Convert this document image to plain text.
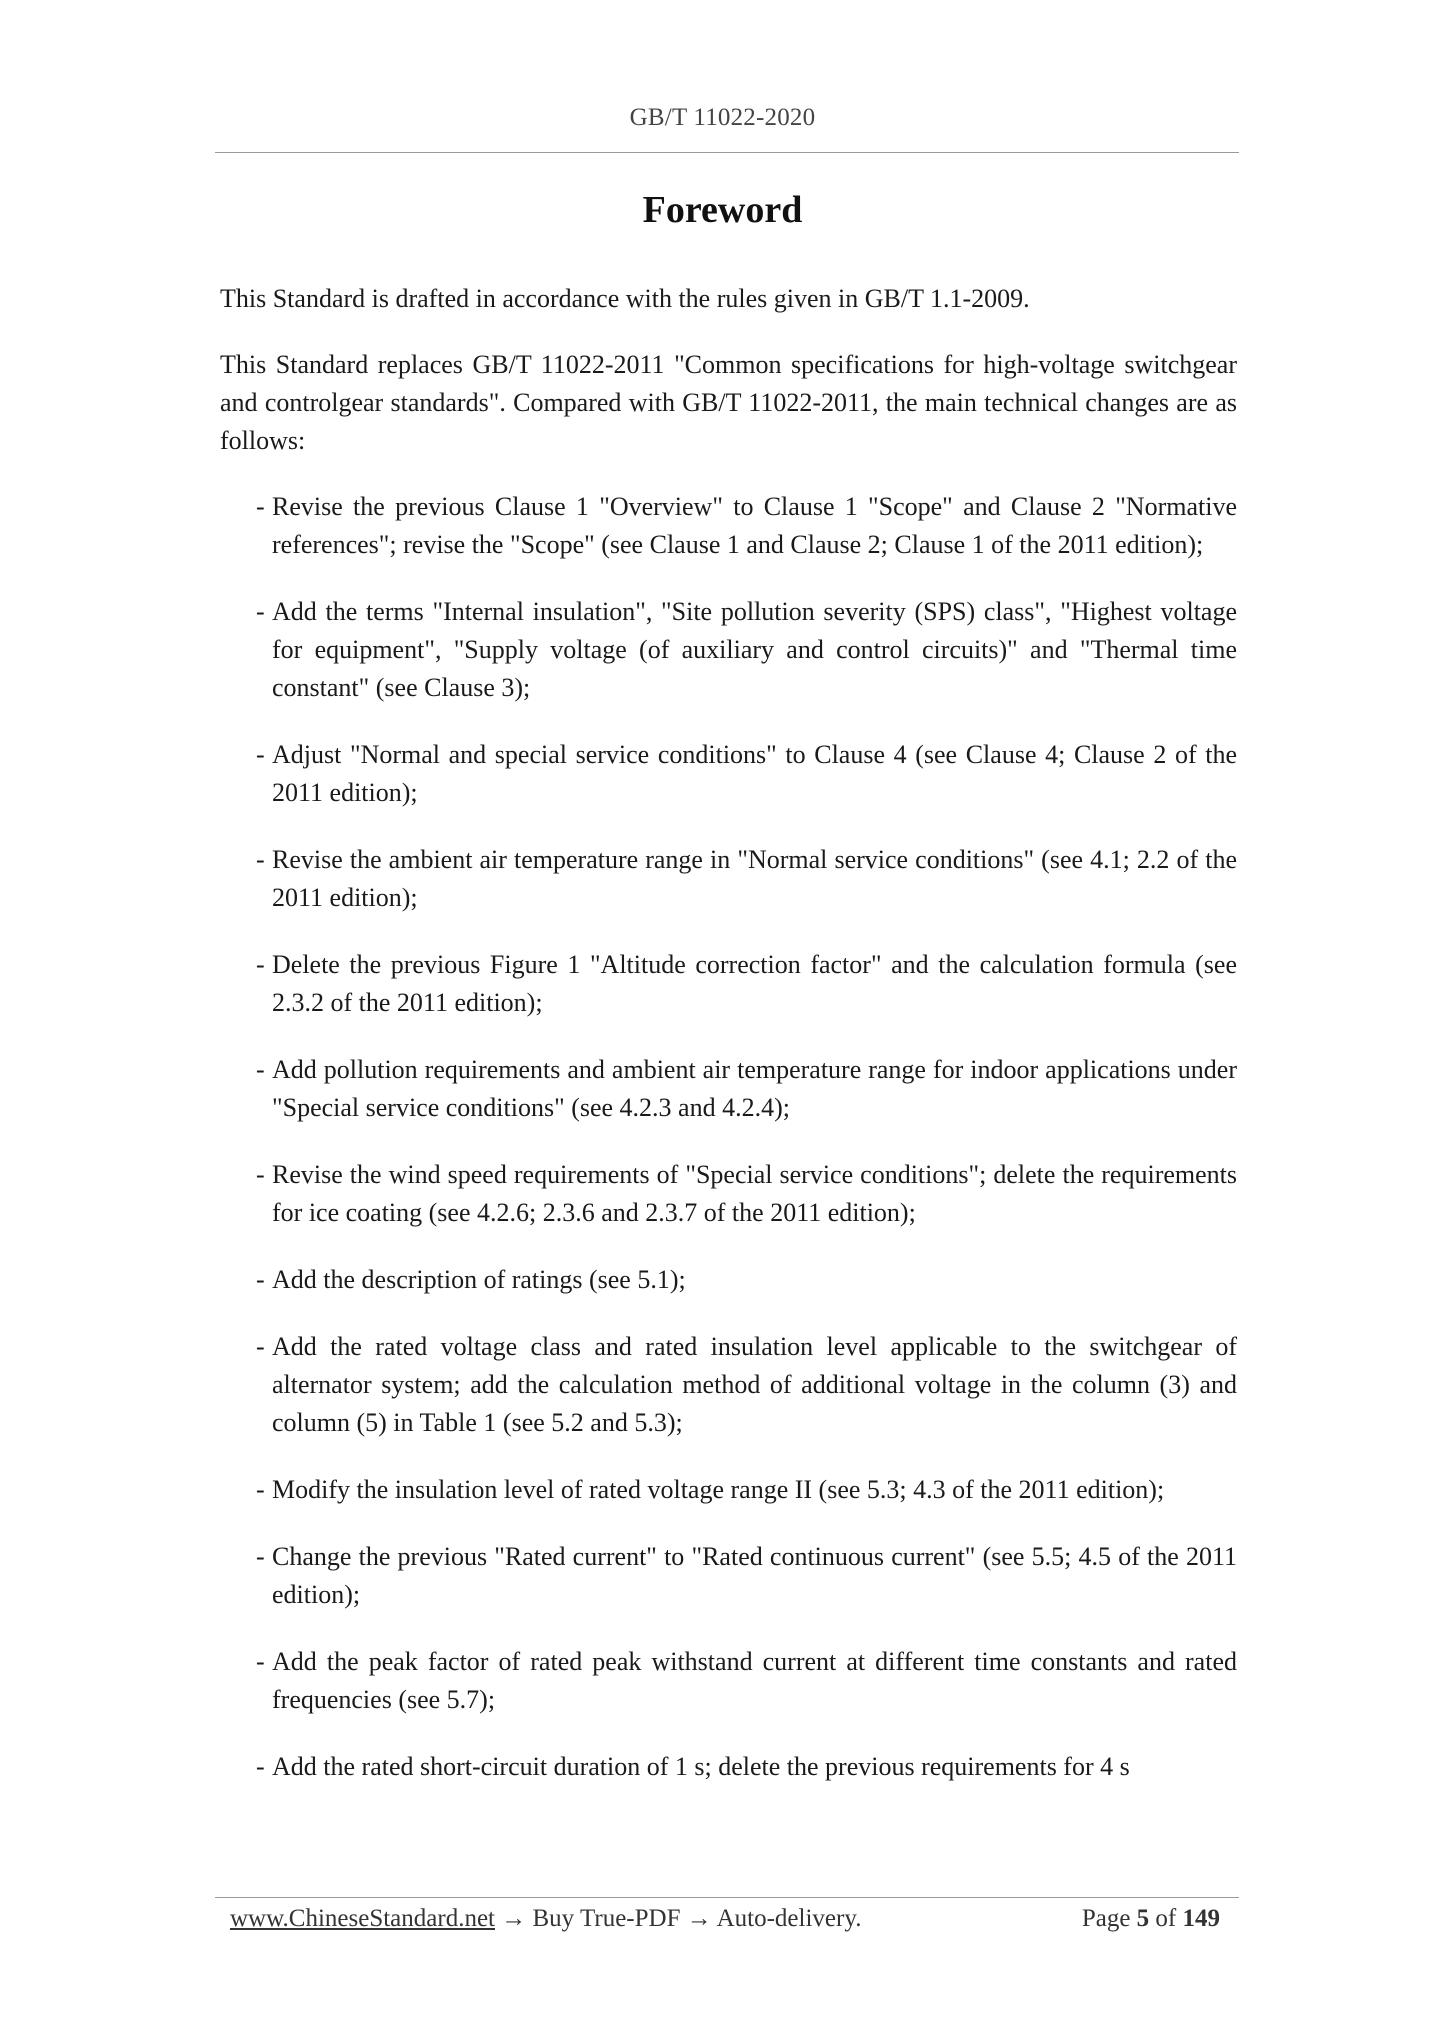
GB/T 11022-2020
Foreword

This Standard is drafted in accordance with the rules given in GB/T 1.1-2009.

This Standard replaces GB/T 11022-2011 "Common specifications for high-voltage switchgear and controlgear standards". Compared with GB/T 11022-2011, the main technical changes are as follows:

- Revise the previous Clause 1 "Overview" to Clause 1 "Scope" and Clause 2 "Normative references"; revise the "Scope" (see Clause 1 and Clause 2; Clause 1 of the 2011 edition);
- Add the terms "Internal insulation", "Site pollution severity (SPS) class", "Highest voltage for equipment", "Supply voltage (of auxiliary and control circuits)" and "Thermal time constant" (see Clause 3);
- Adjust "Normal and special service conditions" to Clause 4 (see Clause 4; Clause 2 of the 2011 edition);
- Revise the ambient air temperature range in "Normal service conditions" (see 4.1; 2.2 of the 2011 edition);
- Delete the previous Figure 1 "Altitude correction factor" and the calculation formula (see 2.3.2 of the 2011 edition);
- Add pollution requirements and ambient air temperature range for indoor applications under "Special service conditions" (see 4.2.3 and 4.2.4);
- Revise the wind speed requirements of "Special service conditions"; delete the requirements for ice coating (see 4.2.6; 2.3.6 and 2.3.7 of the 2011 edition);
- Add the description of ratings (see 5.1);
- Add the rated voltage class and rated insulation level applicable to the switchgear of alternator system; add the calculation method of additional voltage in the column (3) and column (5) in Table 1 (see 5.2 and 5.3);
- Modify the insulation level of rated voltage range II (see 5.3; 4.3 of the 2011 edition);
- Change the previous "Rated current" to "Rated continuous current" (see 5.5; 4.5 of the 2011 edition);
- Add the peak factor of rated peak withstand current at different time constants and rated frequencies (see 5.7);
- Add the rated short-circuit duration of 1 s; delete the previous requirements for 4 s
www.ChineseStandard.net → Buy True-PDF → Auto-delivery.	Page 5 of 149
